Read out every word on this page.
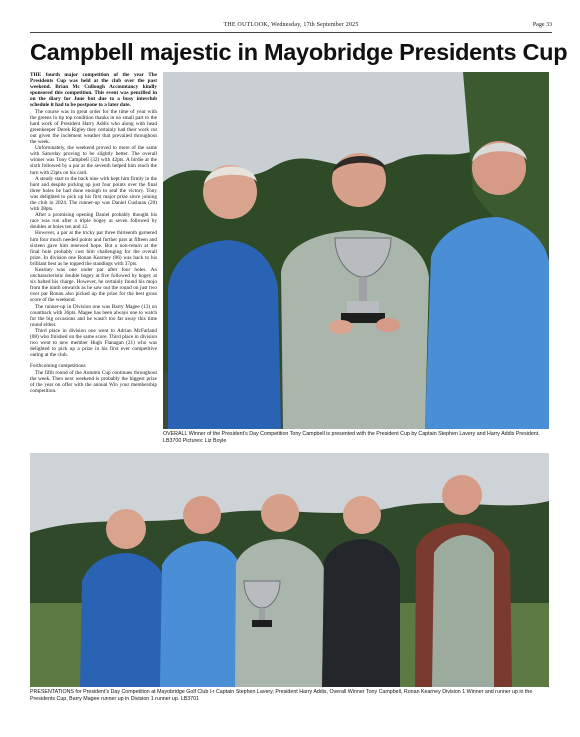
THE OUTLOOK, Wednesday, 17th September 2025	Page 33
Campbell majestic in Mayobridge Presidents Cup

THE fourth major competition of the year The Presidents Cup was held at the club over the past weekend. Brian Mc Cullough Accountancy kindly sponsored this competition. This event was pencilled in on the diary for June but due to a busy interclub schedule it had to be postpone to a later date.

The course was in great order for the time of year with the greens in tip top condition thanks in no small part to the hard work of President Harry Addis who along with head greenkeeper Derek Rigley they certainly had their work cut out given the inclement weather that prevailed throughout the week.

Unfortunately, the weekend proved to more of the same with Saturday proving to be slightly better. The overall winner was Tony Campbell (32) with 42pts. A birdie at the sixth followed by a par at the seventh helped him reach the turn with 23pts on his card.

A steady start to the back nine with kept him firmly in the hunt and despite picking up just four points over the final three holes he had done enough to seal the victory. Tony was delighted to pick up his first major prize since joining the club in 2024. The runner-up was Daniel Cushnan (20) with 38pts.

After a promising opening Daniel probably thought his race was run after a triple bogey at seven followed by doubles at holes ten and 12.

However, a par at the tricky par three thirteenth garnered him four much needed points and further pars at fifteen and sixteen gave him renewed hope. But a non-return at the final hole probably cost him challenging for the overall prize. In division one Ronan Kearney (06) was back to his brilliant best as he topped the standings with 37pts.

Kearney was one under par after four holes. An uncharacteristic double bogey at five followed by bogey at six halted his charge. However, he certainly found his mojo from the ninth onwards as he saw out the round on just two over par Ronan also picked up the prize for the best gross score of the weekend.

The runner-up in Division one was Barry Magee (13) on countback with 36pts. Magee has been always one to watch for the big occasions and he wasn't too far away this time round either.

Third place in division one went to Adrian McFarland (08) who finished on the same score. Third place in division two went to new member Hugh Flanagan (21) who was delighted to pick up a prize in his first ever competitive outing at the club.

Forthcoming competitions

The fifth round of the Autumn Cup continues throughout the week. Then next weekend is probably the biggest prize of the year on offer with the annual Win your membership competition.

OVERALL Winner of the President's Day Competition Tony Campbell is presented with the President Cup by Captain Stephen Lavery and Harry Addis President. LB3700 Pictures: Liz Boyle
PRESENTATIONS for President's Day Competition at Mayobridge Golf Club l-r Captain Stephen Lavery, President Harry Addis, Overall Winner Tony Campbell, Ronan Kearney Division 1 Winner and runner up in the Presidents Cup, Barry Magee runner up in Division 1 runner up. LB3701
